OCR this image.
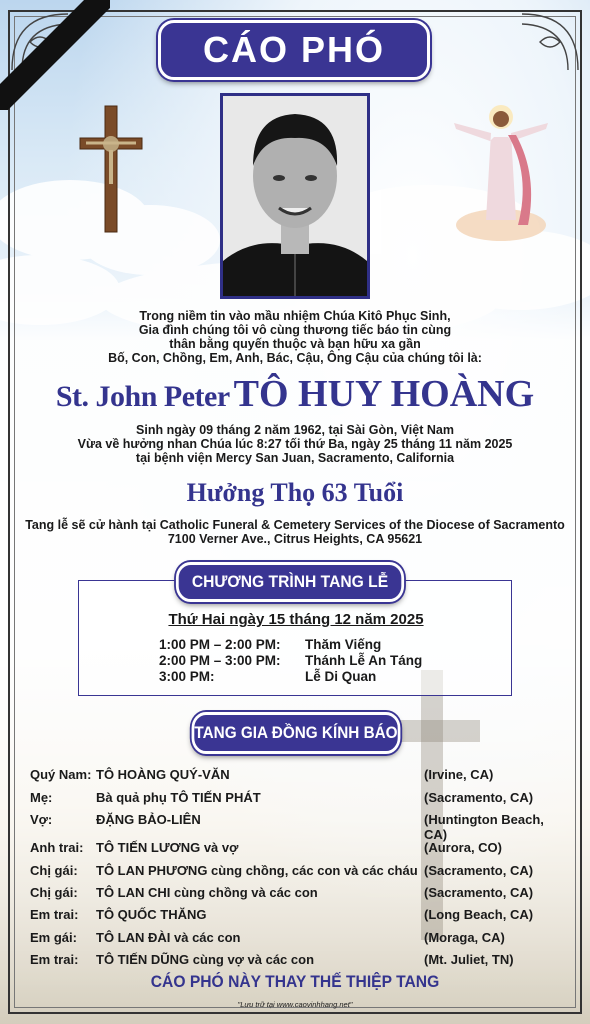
CÁO PHÓ
Trong niềm tin vào mầu nhiệm Chúa Kitô Phục Sinh,
Gia đình chúng tôi vô cùng thương tiếc báo tin cùng
thân bằng quyến thuộc và bạn hữu xa gần
Bố, Con, Chồng, Em, Anh, Bác, Cậu, Ông Cậu của chúng tôi là:
St. John Peter TÔ HUY HOÀNG
Sinh ngày 09 tháng 2 năm 1962, tại Sài Gòn, Việt Nam
Vừa về hưởng nhan Chúa lúc 8:27 tối thứ Ba, ngày 25 tháng 11 năm 2025
tại bệnh viện Mercy San Juan, Sacramento, California
Hưởng Thọ 63 Tuổi
Tang lễ sẽ cử hành tại Catholic Funeral & Cemetery Services of the Diocese of Sacramento
7100 Verner Ave., Citrus Heights, CA 95621
Thứ Hai ngày 15 tháng 12 năm 2025
1:00 PM – 2:00 PM: Thăm Viếng
2:00 PM – 3:00 PM: Thánh Lễ An Táng
3:00 PM:	Lễ Di Quan
CHƯƠNG TRÌNH TANG LỄ
TANG GIA ĐỒNG KÍNH BÁO
Quý Nam: TÔ HOÀNG QUÝ-VĂN	(Irvine, CA)
Mẹ:	Bà quả phụ TÔ TIẾN PHÁT	(Sacramento, CA)
Vợ:	ĐẶNG BẢO-LIÊN	(Huntington Beach, CA)
Anh trai: TÔ TIẾN LƯƠNG và vợ	(Aurora, CO)
Chị gái: TÔ LAN PHƯƠNG cùng chồng, các con và các cháu (Sacramento, CA)
Chị gái: TÔ LAN CHI cùng chồng và các con	(Sacramento, CA)
Em trai: TÔ QUỐC THĂNG	(Long Beach, CA)
Em gái: TÔ LAN ĐÀI và các con	(Moraga, CA)
Em trai: TÔ TIẾN DŨNG cùng vợ và các con	(Mt. Juliet, TN)
CÁO PHÓ NÀY THAY THẾ THIỆP TANG
"Lưu trữ tại www.caovinhhang.net"
